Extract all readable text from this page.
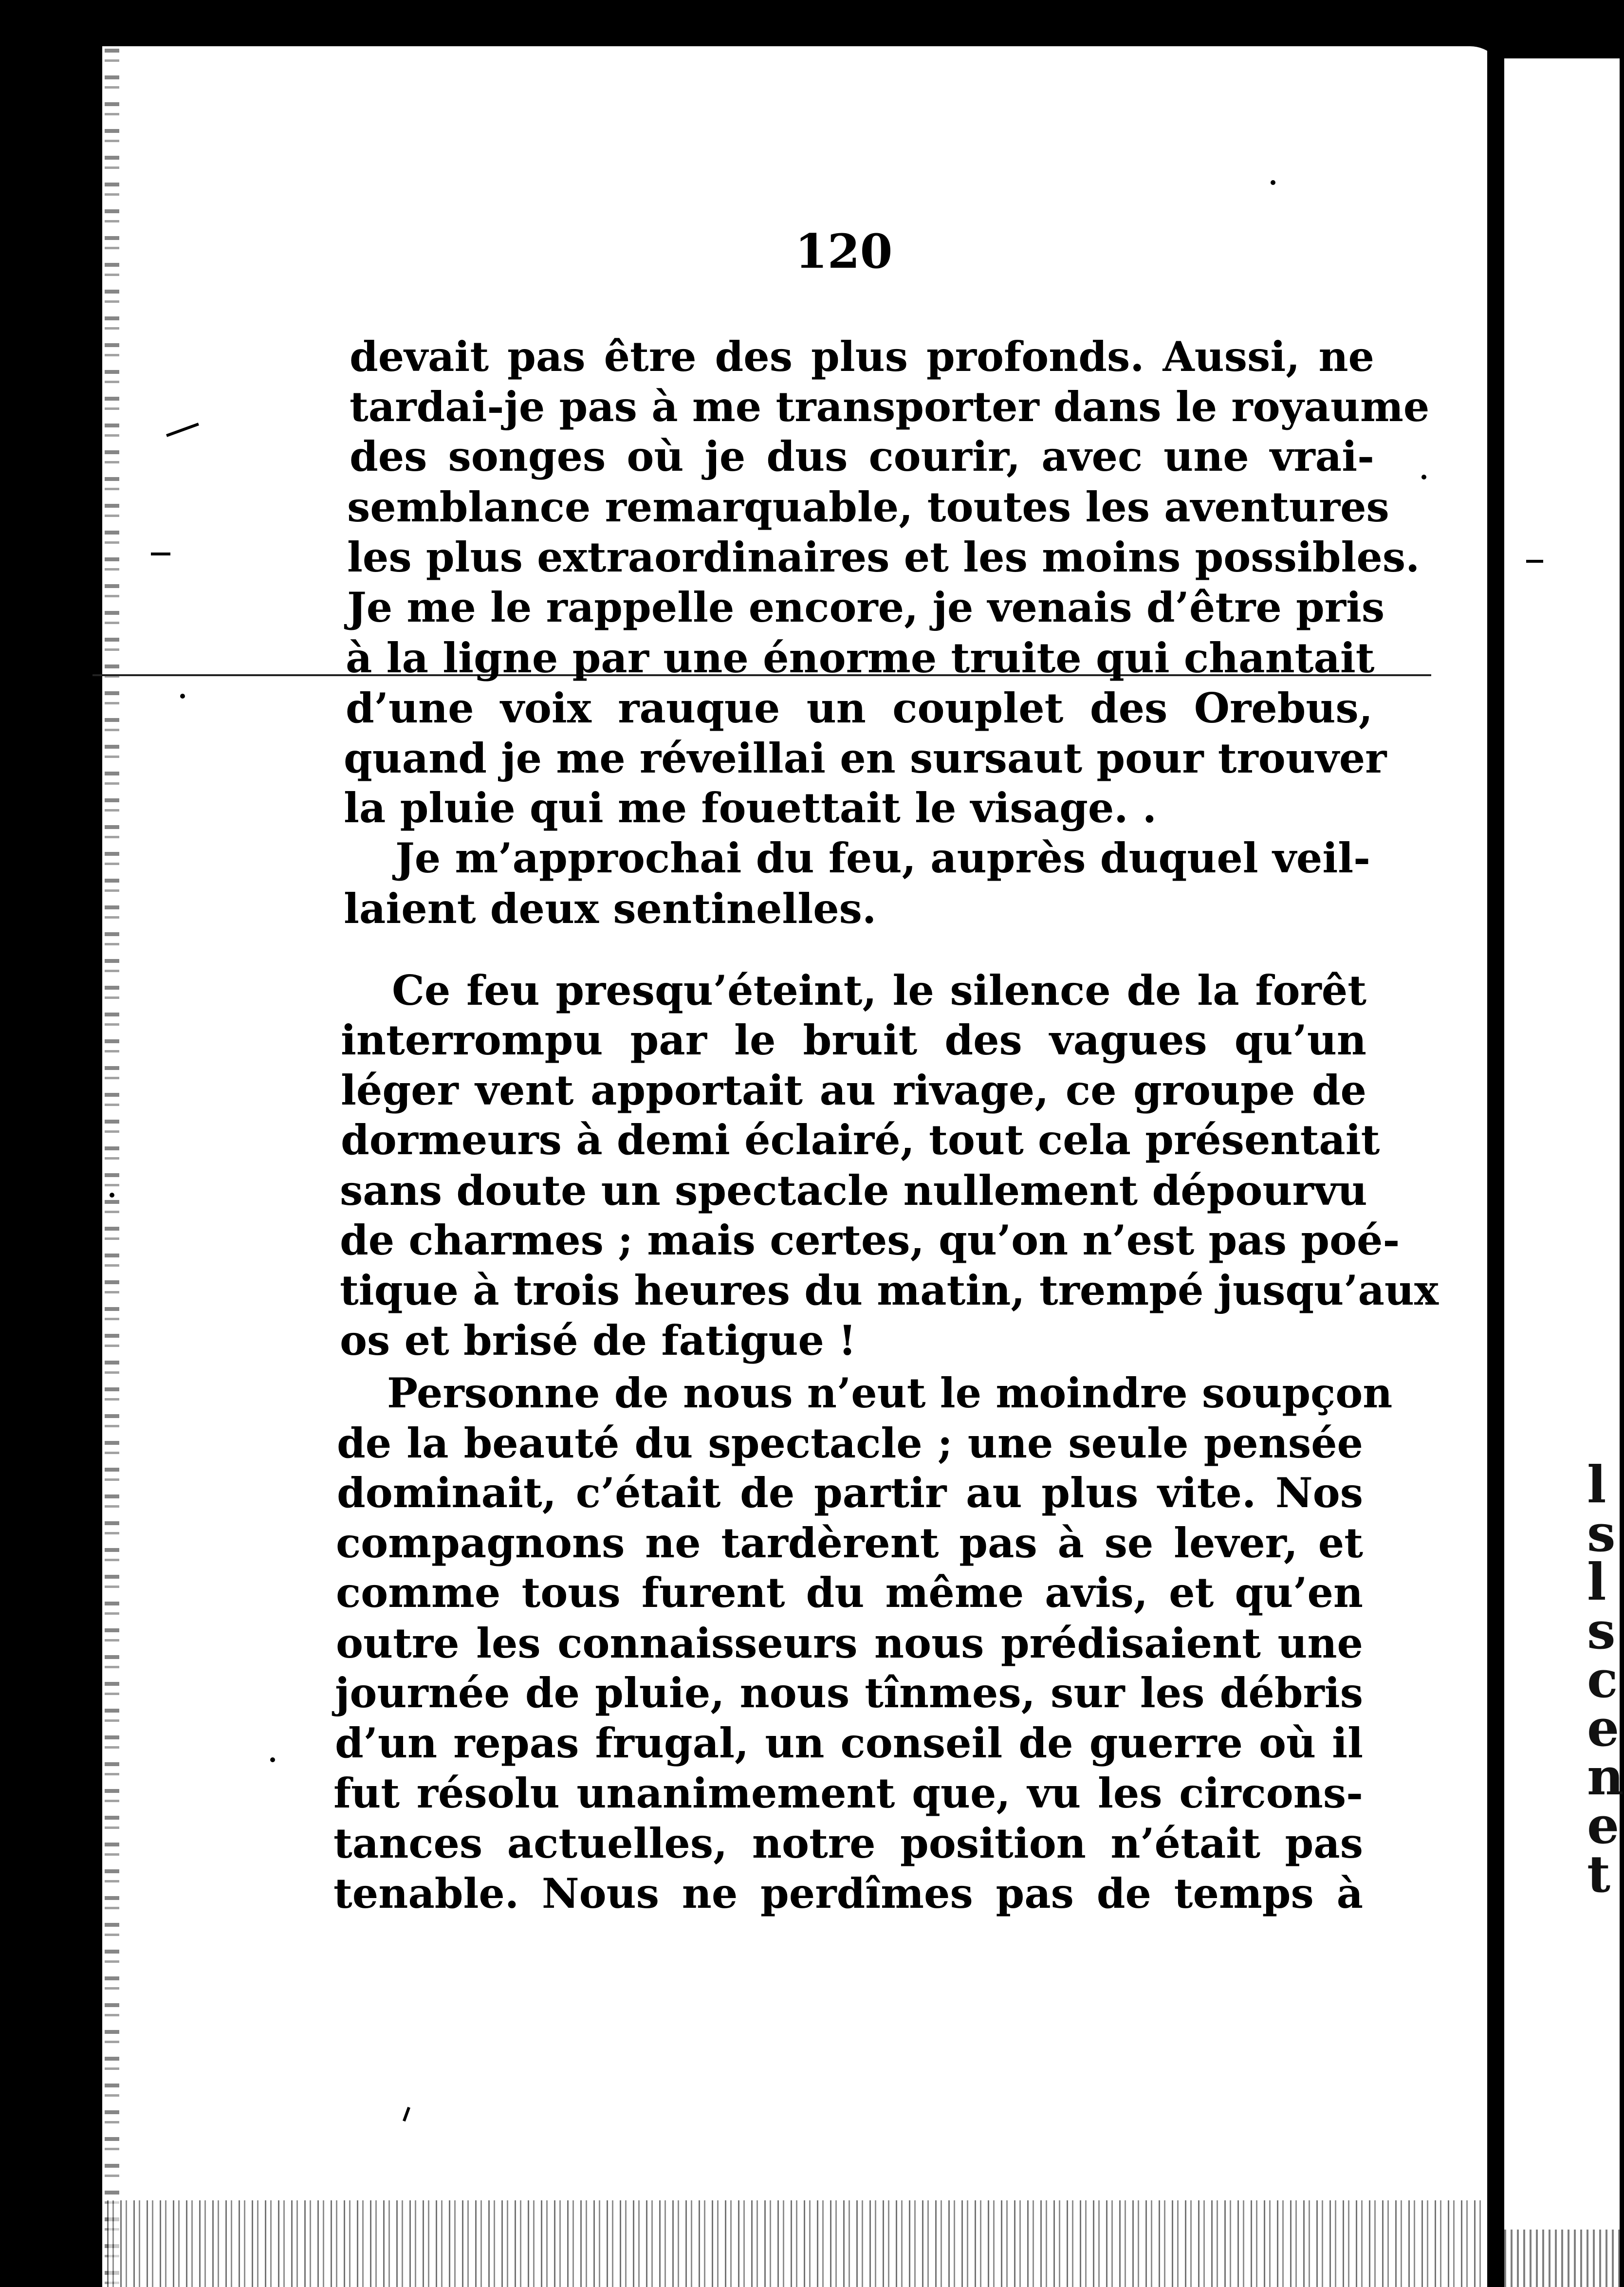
l
s
l
s
c
e
n
e
t
120

devait pas être des plus profonds. Aussi, ne

tardai-je pas à me transporter dans le royaume

des songes où je dus courir, avec une vrai-

semblance remarquable, toutes les aventures

les plus extraordinaires et les moins possibles.

Je me le rappelle encore, je venais d’être pris

à la ligne par une énorme truite qui chantait

d’une voix rauque un couplet des Orebus,

quand je me réveillai en sursaut pour trouver

la pluie qui me fouettait le visage. .

Je m’approchai du feu, auprès duquel veil-

laient deux sentinelles.

Ce feu presqu’éteint, le silence de la forêt

interrompu par le bruit des vagues qu’un

léger vent apportait au rivage, ce groupe de

dormeurs à demi éclairé, tout cela présentait

sans doute un spectacle nullement dépourvu

de charmes ; mais certes, qu’on n’est pas poé-

tique à trois heures du matin, trempé jusqu’aux

os et brisé de fatigue !

Personne de nous n’eut le moindre soupçon

de la beauté du spectacle ; une seule pensée

dominait, c’était de partir au plus vite. Nos

compagnons ne tardèrent pas à se lever, et

comme tous furent du même avis, et qu’en

outre les connaisseurs nous prédisaient une

journée de pluie, nous tînmes, sur les débris

d’un repas frugal, un conseil de guerre où il

fut résolu unanimement que, vu les circons-

tances actuelles, notre position n’était pas

tenable. Nous ne perdîmes pas de temps à
